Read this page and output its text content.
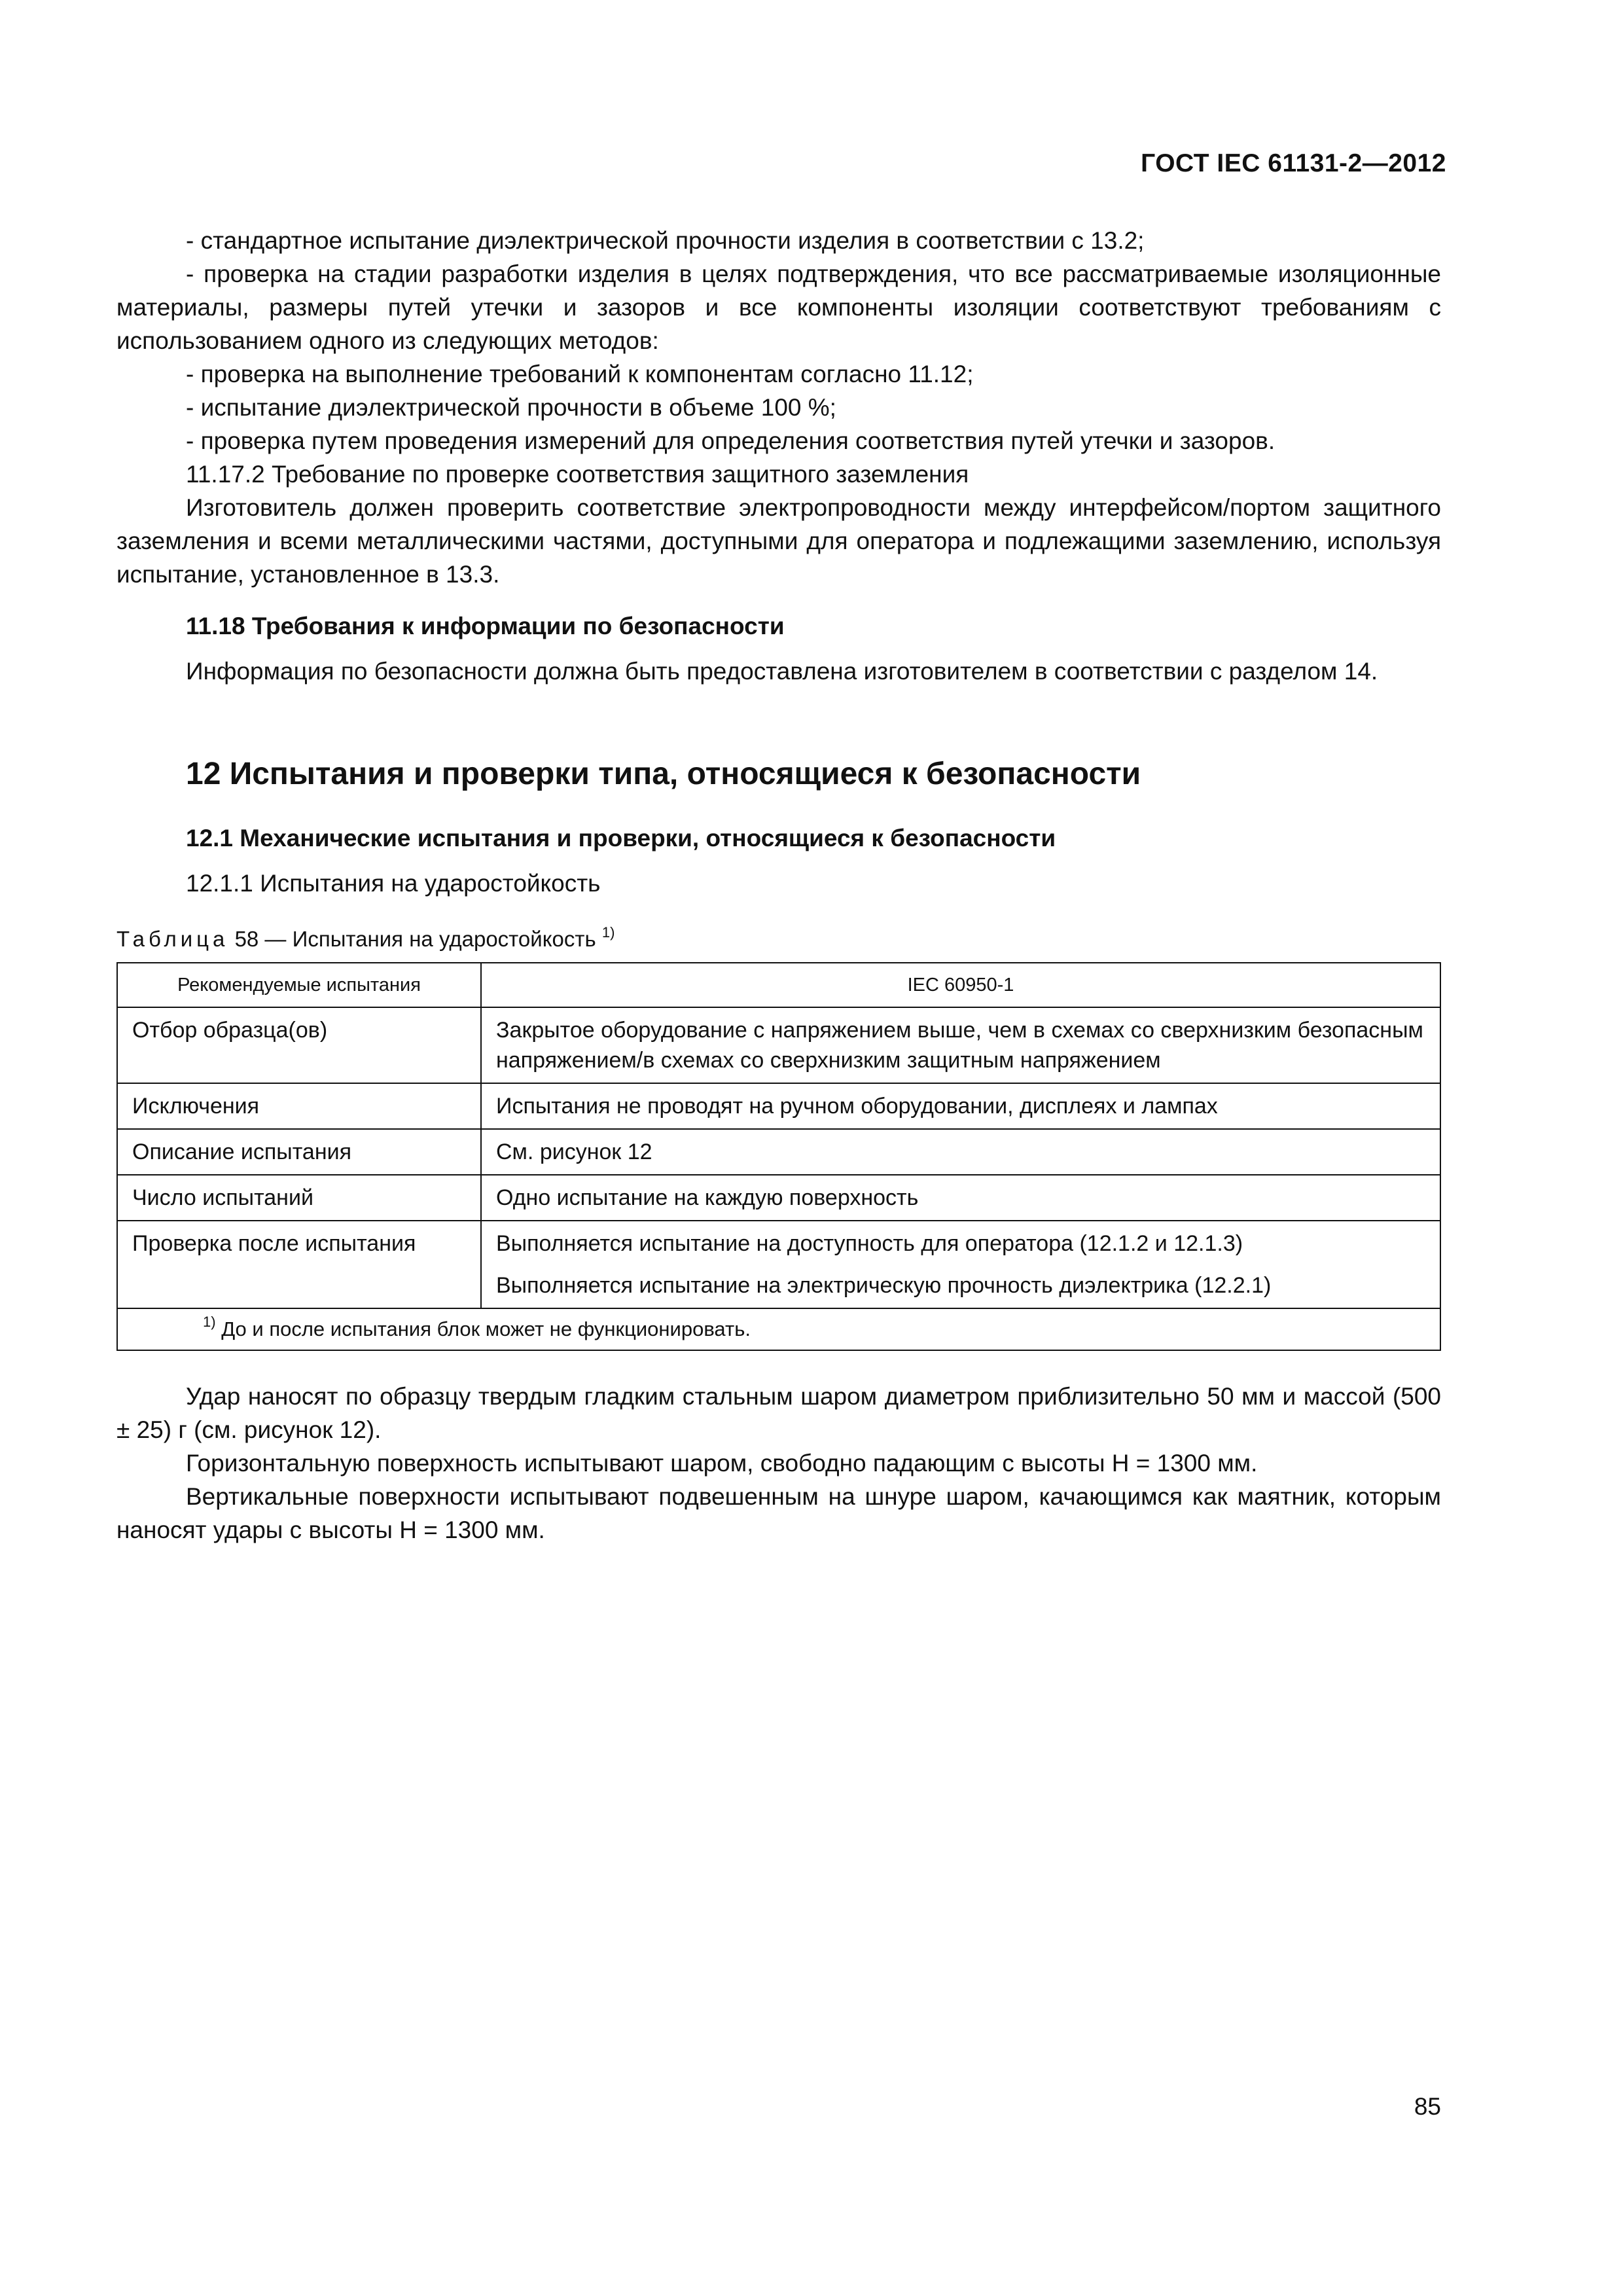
ГОСТ IEC 61131-2—2012

- стандартное испытание диэлектрической прочности изделия в соответствии с 13.2;

- проверка на стадии разработки изделия в целях подтверждения, что все рассматриваемые изоляционные материалы, размеры путей утечки и зазоров и все компоненты изоляции соответствуют требованиям с использованием одного из следующих методов:

- проверка на выполнение требований к компонентам согласно 11.12;

- испытание диэлектрической прочности в объеме 100 %;

- проверка путем проведения измерений для определения соответствия путей утечки и зазоров.

11.17.2 Требование по проверке соответствия защитного заземления

Изготовитель должен проверить соответствие электропроводности между интерфейсом/портом защитного заземления и всеми металлическими частями, доступными для оператора и подлежащими заземлению, используя испытание, установленное в 13.3.

11.18 Требования к информации по безопасности

Информация по безопасности должна быть предоставлена изготовителем в соответствии с разделом 14.

12 Испытания и проверки типа, относящиеся к безопасности

12.1 Механические испытания и проверки, относящиеся к безопасности

12.1.1 Испытания на ударостойкость

Таблица 58 — Испытания на ударостойкость $^{1)}$

Рекомендуемые испытания	IEC 60950-1
Отбор образца(ов)	Закрытое оборудование с напряжением выше, чем в схемах со сверхнизким безопасным напряжением/в схемах со сверхнизким защитным напряжением
Исключения	Испытания не проводят на ручном оборудовании, дисплеях и лампах
Описание испытания	См. рисунок 12
Число испытаний	Одно испытание на каждую поверхность
Проверка после испытания	Выполняется испытание на доступность для оператора (12.1.2 и 12.1.3)
Выполняется испытание на электрическую прочность диэлектрика (12.2.1)

$^{1)}$ До и после испытания блок может не функционировать.	

Удар наносят по образцу твердым гладким стальным шаром диаметром приблизительно 50 мм и массой (500 ± 25) г (см. рисунок 12).

Горизонтальную поверхность испытывают шаром, свободно падающим с высоты H = 1300 мм.

Вертикальные поверхности испытывают подвешенным на шнуре шаром, качающимся как маятник, которым наносят удары с высоты H = 1300 мм.

85
